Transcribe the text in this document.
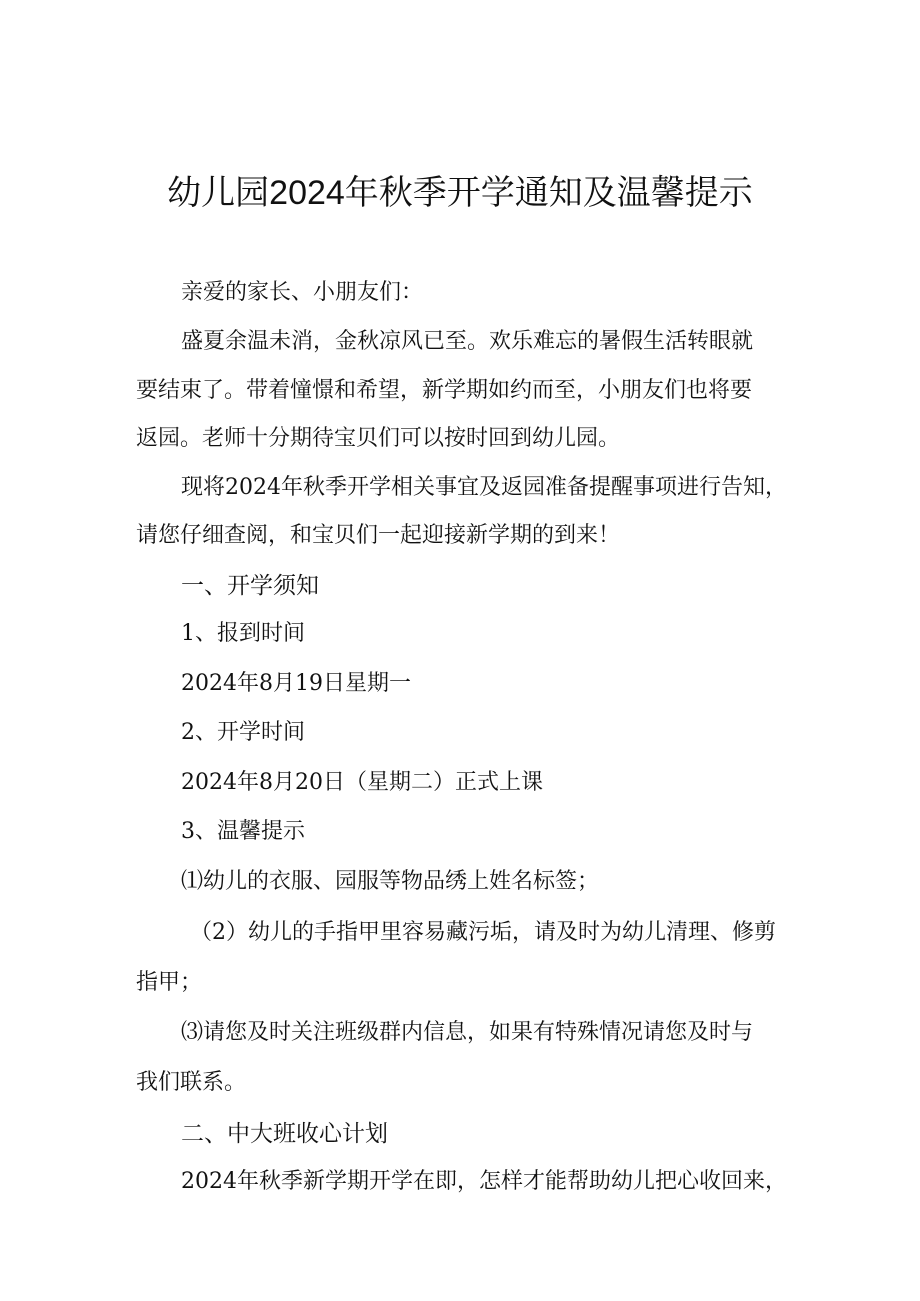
幼儿园2024年秋季开学通知及温馨提示

亲爱的家长、小朋友们：

盛夏余温未消，金秋凉风已至。欢乐难忘的暑假生活转眼就

要结束了。带着憧憬和希望，新学期如约而至，小朋友们也将要

返园。老师十分期待宝贝们可以按时回到幼儿园。

现将2024年秋季开学相关事宜及返园准备提醒事项进行告知，

请您仔细查阅，和宝贝们一起迎接新学期的到来！

一、开学须知

1、报到时间

2024年8月19日星期一

2、开学时间

2024年8月20日（星期二）正式上课

3、温馨提示

⑴幼儿的衣服、园服等物品绣上姓名标签；

（2）幼儿的手指甲里容易藏污垢，请及时为幼儿清理、修剪

指甲；

⑶请您及时关注班级群内信息，如果有特殊情况请您及时与

我们联系。

二、中大班收心计划

2024年秋季新学期开学在即，怎样才能帮助幼儿把心收回来，
